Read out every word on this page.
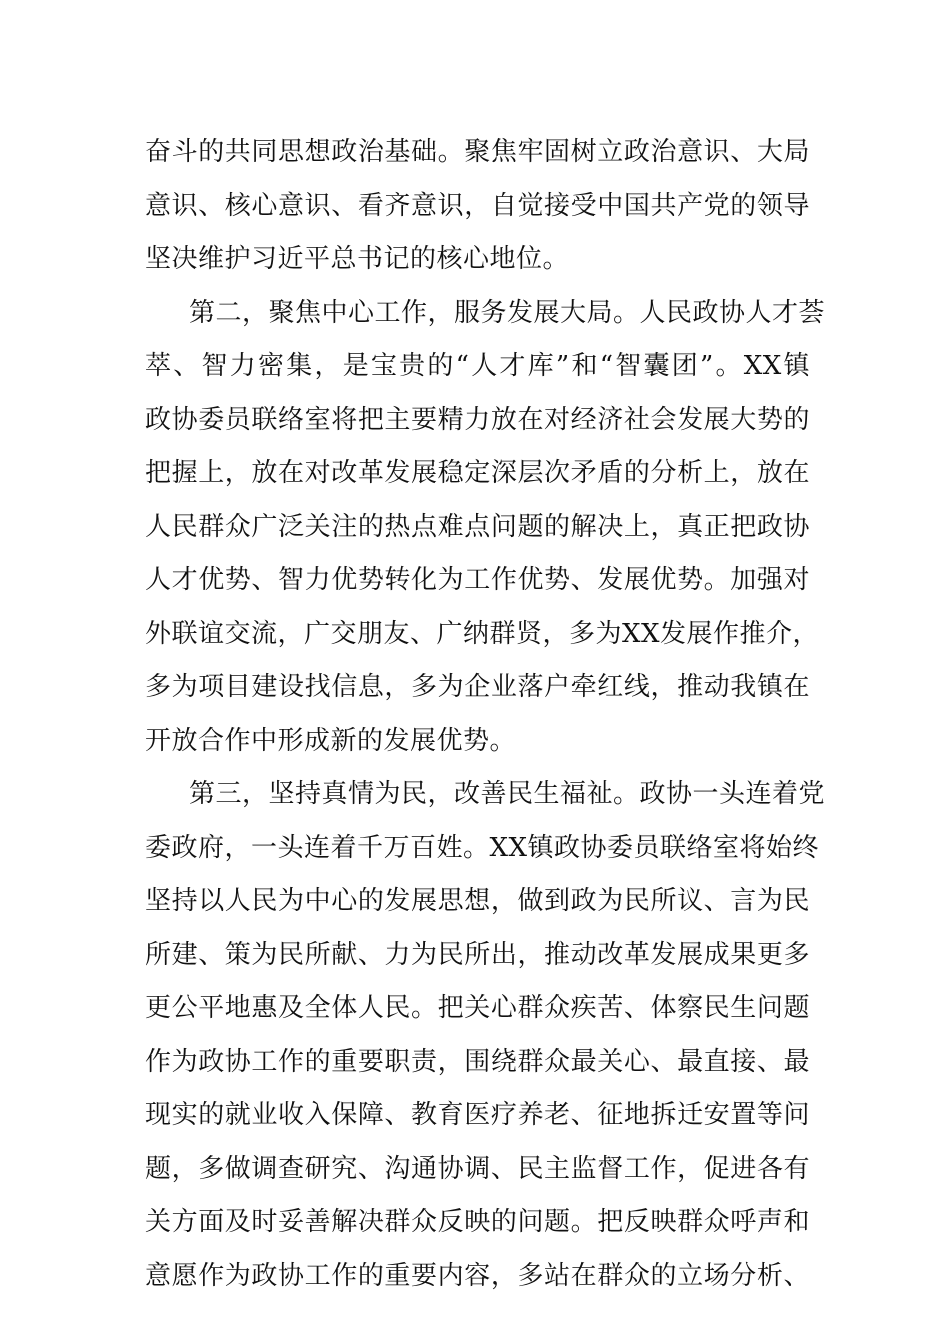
奋斗的共同思想政治基础。聚焦牢固树立政治意识、大局
意识、核心意识、看齐意识，自觉接受中国共产党的领导
坚决维护习近平总书记的核心地位。
第二，聚焦中心工作，服务发展大局。人民政协人才荟
萃、智力密集，是宝贵的“人才库”和“智囊团”。XX镇
政协委员联络室将把主要精力放在对经济社会发展大势的
把握上，放在对改革发展稳定深层次矛盾的分析上，放在
人民群众广泛关注的热点难点问题的解决上，真正把政协
人才优势、智力优势转化为工作优势、发展优势。加强对
外联谊交流，广交朋友、广纳群贤，多为XX发展作推介，
多为项目建设找信息，多为企业落户牵红线，推动我镇在
开放合作中形成新的发展优势。
第三，坚持真情为民，改善民生福祉。政协一头连着党
委政府，一头连着千万百姓。XX镇政协委员联络室将始终
坚持以人民为中心的发展思想，做到政为民所议、言为民
所建、策为民所献、力为民所出，推动改革发展成果更多
更公平地惠及全体人民。把关心群众疾苦、体察民生问题
作为政协工作的重要职责，围绕群众最关心、最直接、最
现实的就业收入保障、教育医疗养老、征地拆迁安置等问
题，多做调查研究、沟通协调、民主监督工作，促进各有
关方面及时妥善解决群众反映的问题。把反映群众呼声和
意愿作为政协工作的重要内容，多站在群众的立场分析、
